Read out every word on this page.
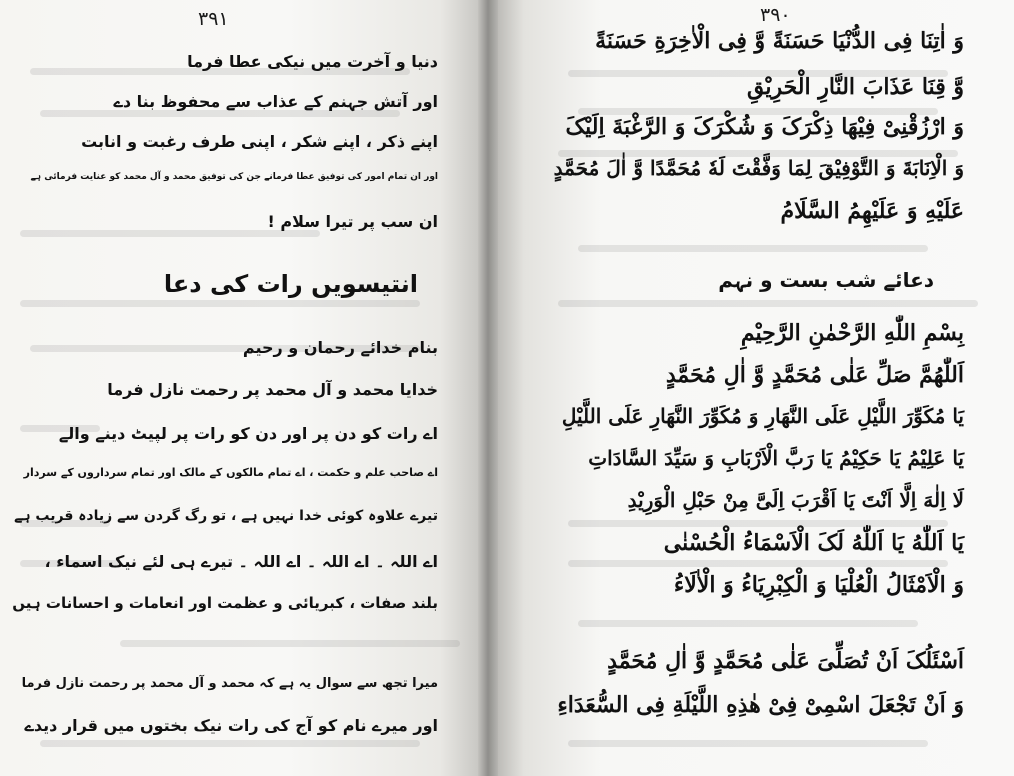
۳۹۱
دنیا و آخرت میں نیکی عطا فرما
اور آتش جہنم کے عذاب سے محفوظ بنا دے
اپنے ذکر ، اپنے شکر ، اپنی طرف رغبت و انابت
اور ان تمام امور کی توفیق عطا فرمانے جن کی توفیق محمد و آل محمد کو عنایت فرمائی ہے
ان سب پر تیرا سلام !
انتیسویں رات کی دعا
بنام خدائے رحمان و رحیم
خدایا محمد و آل محمد پر رحمت نازل فرما
اے رات کو دن پر اور دن کو رات پر لپیٹ دینے والے
اے صاحب علم و حکمت ، اے تمام مالکوں کے مالک اور تمام سرداروں کے سردار
تیرے علاوہ کوئی خدا نہیں ہے ، تو رگ گردن سے زیادہ قریب ہے
اے اللہ ۔ اے اللہ ۔ اے اللہ ۔ تیرے ہی لئے نیک اسماء ،
بلند صفات ، کبریائی و عظمت اور انعامات و احسانات ہیں
میرا تجھ سے سوال یہ ہے کہ محمد و آل محمد پر رحمت نازل فرما
اور میرے نام کو آج کی رات نیک بختوں میں قرار دیدے
۳۹۰
وَ اٰتِنَا فِی الدُّنْیَا حَسَنَةً وَّ فِی الْاٰخِرَةِ حَسَنَةً
وَّ قِنَا عَذَابَ النَّارِ الْحَرِیْقِ
وَ ارْزُقْنِیْ فِیْهَا ذِکْرَکَ وَ شُکْرَکَ وَ الرَّغْبَةَ اِلَیْکَ
وَ الْاِنَابَةَ وَ التَّوْفِیْقَ لِمَا وَفَّقْتَ لَهٗ مُحَمَّدًا وَّ اٰلَ مُحَمَّدٍ
عَلَیْهِ وَ عَلَیْهِمُ السَّلَامُ
دعائے شب بست و نہم
بِسْمِ اللّٰهِ الرَّحْمٰنِ الرَّحِیْمِ
اَللّٰهُمَّ صَلِّ عَلٰی مُحَمَّدٍ وَّ اٰلِ مُحَمَّدٍ
یَا مُکَوِّرَ اللَّیْلِ عَلَی النَّهَارِ وَ مُکَوِّرَ النَّهَارِ عَلَی اللَّیْلِ
یَا عَلِیْمُ یَا حَکِیْمُ یَا رَبَّ الْاَرْبَابِ وَ سَیِّدَ السَّادَاتِ
لَا اِلٰهَ اِلَّا اَنْتَ یَا اَقْرَبَ اِلَیَّ مِنْ حَبْلِ الْوَرِیْدِ
یَا اَللّٰهُ یَا اَللّٰهُ لَکَ الْاَسْمَاءُ الْحُسْنٰی
وَ الْاَمْثَالُ الْعُلْیَا وَ الْکِبْرِیَاءُ وَ الْاٰلَاءُ
اَسْئَلُکَ اَنْ تُصَلِّیَ عَلٰی مُحَمَّدٍ وَّ اٰلِ مُحَمَّدٍ
وَ اَنْ تَجْعَلَ اسْمِیْ فِیْ هٰذِهِ اللَّیْلَةِ فِی السُّعَدَاءِ
